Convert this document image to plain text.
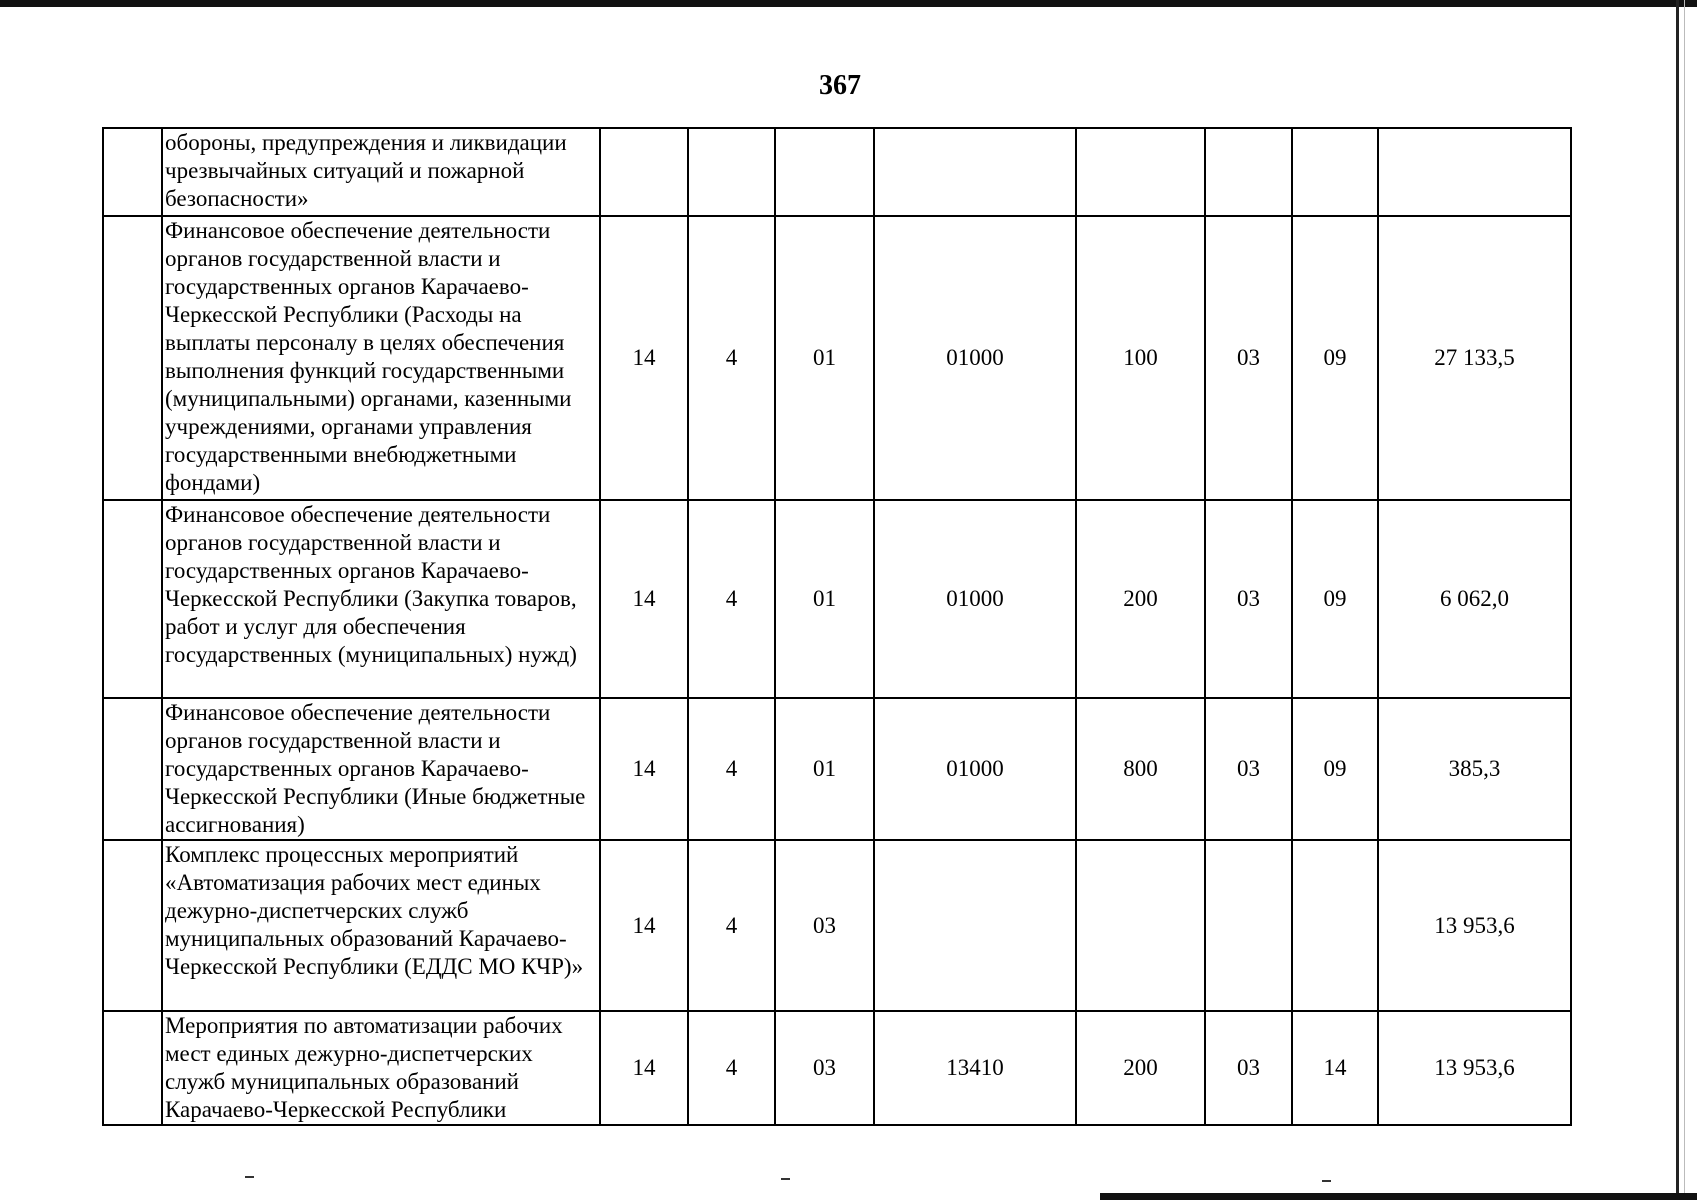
367
	обороны, предупреждения и ликвидации чрезвычайных ситуаций и пожарной безопасности»								
	Финансовое обеспечение деятельности органов государственной власти и государственных органов Карачаево-Черкесской Республики (Расходы на выплаты персоналу в целях обеспечения выполнения функций государственными (муниципальными) органами, казенными учреждениями, органами управления государственными внебюджетными фондами)	14	4	01	01000	100	03	09	27 133,5
	Финансовое обеспечение деятельности органов государственной власти и государственных органов Карачаево-Черкесской Республики (Закупка товаров, работ и услуг для обеспечения государственных (муниципальных) нужд)	14	4	01	01000	200	03	09	6 062,0
	Финансовое обеспечение деятельности органов государственной власти и государственных органов Карачаево-Черкесской Республики (Иные бюджетные ассигнования)	14	4	01	01000	800	03	09	385,3
	Комплекс процессных мероприятий «Автоматизация рабочих мест единых дежурно-диспетчерских служб муниципальных образований Карачаево-Черкесской Республики (ЕДДС МО КЧР)»	14	4	03					13 953,6
	Мероприятия по автоматизации рабочих мест единых дежурно-диспетчерских служб муниципальных образований Карачаево-Черкесской Республики	14	4	03	13410	200	03	14	13 953,6
